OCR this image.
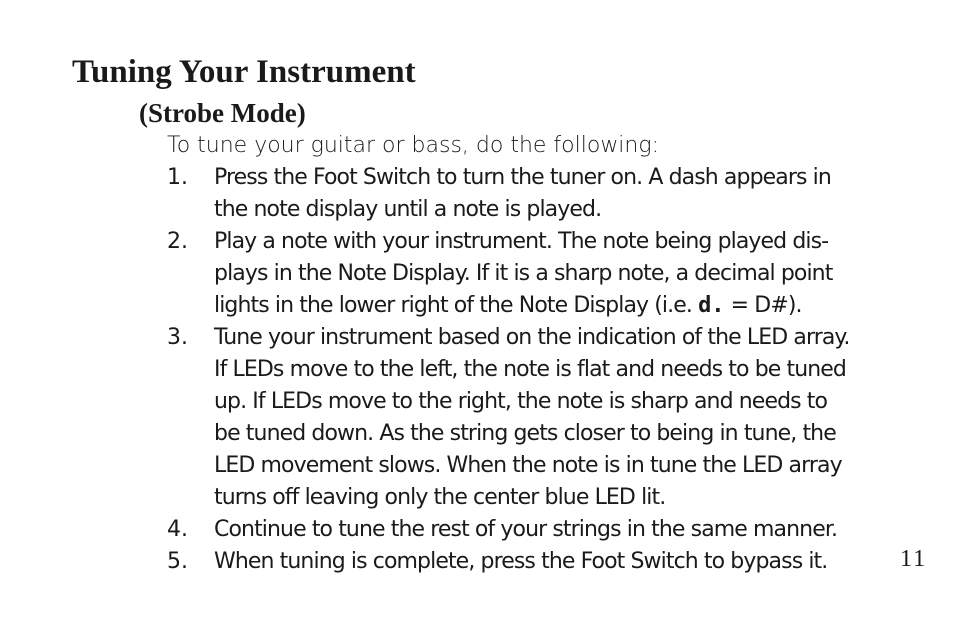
Tuning Your Instrument
(Strobe Mode)

To tune your guitar or bass, do the following:

1.	Press the Foot Switch to turn the tuner on. A dash appears in
the note display until a note is played.
2.	Play a note with your instrument. The note being played dis-
plays in the Note Display. If it is a sharp note, a decimal point
lights in the lower right of the Note Display (i.e. d. = D#).
3.	Tune your instrument based on the indication of the LED array.
If LEDs move to the left, the note is flat and needs to be tuned
up. If LEDs move to the right, the note is sharp and needs to
be tuned down. As the string gets closer to being in tune, the
LED movement slows. When the note is in tune the LED array
turns off leaving only the center blue LED lit.
4.	Continue to tune the rest of your strings in the same manner.
5.	When tuning is complete, press the Foot Switch to bypass it.	11
